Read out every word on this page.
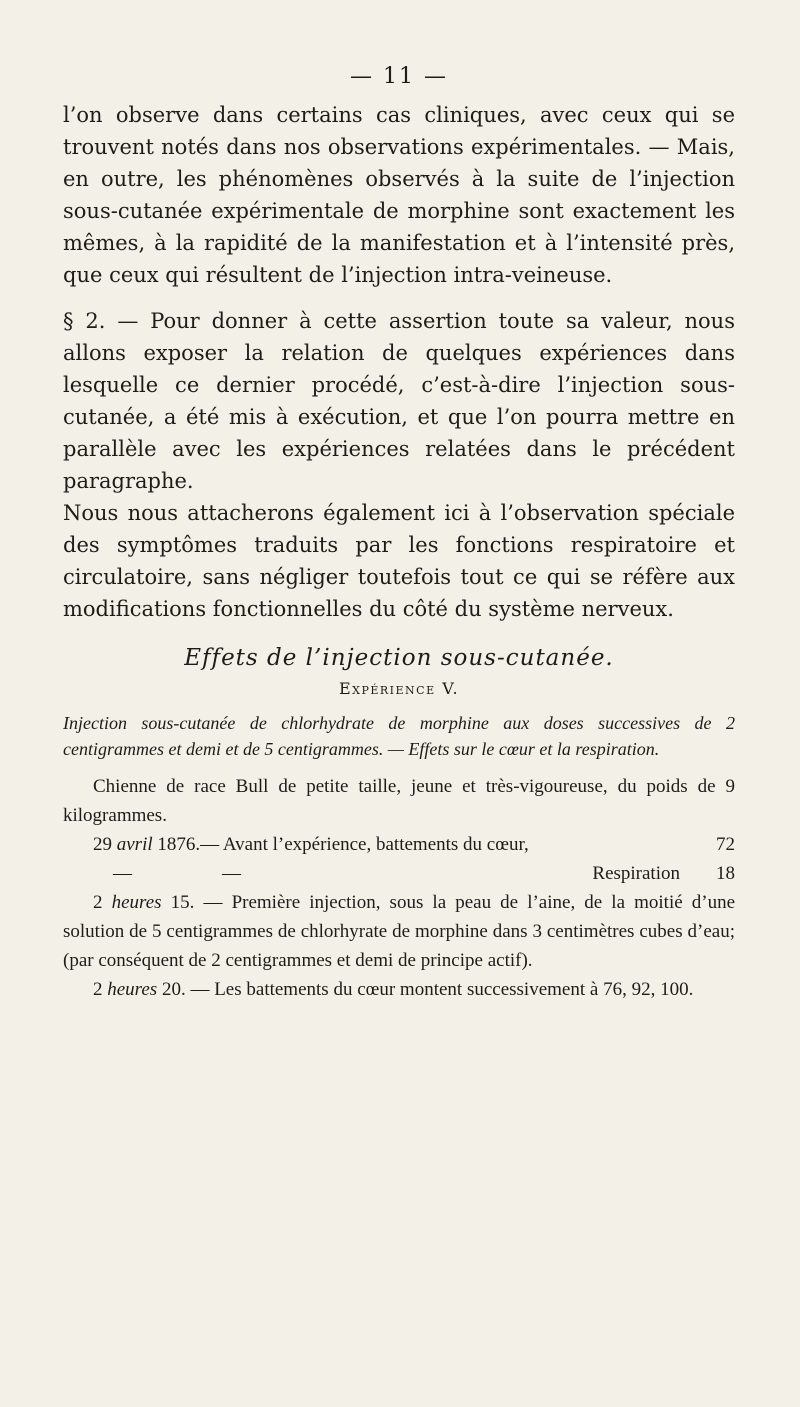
— 11 —

l’on observe dans certains cas cliniques, avec ceux qui se trouvent notés dans nos observations expérimentales. — Mais, en outre, les phénomènes observés à la suite de l’injection sous-cutanée expérimentale de morphine sont exactement les mêmes, à la rapidité de la manifestation et à l’intensité près, que ceux qui résultent de l’injection intra-veineuse.

§ 2. — Pour donner à cette assertion toute sa valeur, nous allons exposer la relation de quelques expériences dans lesquelle ce dernier procédé, c’est-à-dire l’injection sous-cutanée, a été mis à exécution, et que l’on pourra mettre en parallèle avec les expériences relatées dans le précédent paragraphe.

Nous nous attacherons également ici à l’observation spéciale des symptômes traduits par les fonctions respiratoire et circulatoire, sans négliger toutefois tout ce qui se réfère aux modifications fonctionnelles du côté du système nerveux.

Effets de l’injection sous-cutanée.
Expérience V.

Injection sous-cutanée de chlorhydrate de morphine aux doses successives de 2 centigrammes et demi et de 5 centigrammes. — Effets sur le cœur et la respiration.

Chienne de race Bull de petite taille, jeune et très-vigoureuse, du poids de 9 kilogrammes.

29 avril 1876.— Avant l’expérience, battements du cœur,	72
—	—	Respiration 18

2 heures 15. — Première injection, sous la peau de l’aine, de la moitié d’une solution de 5 centigrammes de chlorhyrate de morphine dans 3 centimètres cubes d’eau; (par conséquent de 2 centigrammes et demi de principe actif).

2 heures 20. — Les battements du cœur montent successivement à 76, 92, 100.
